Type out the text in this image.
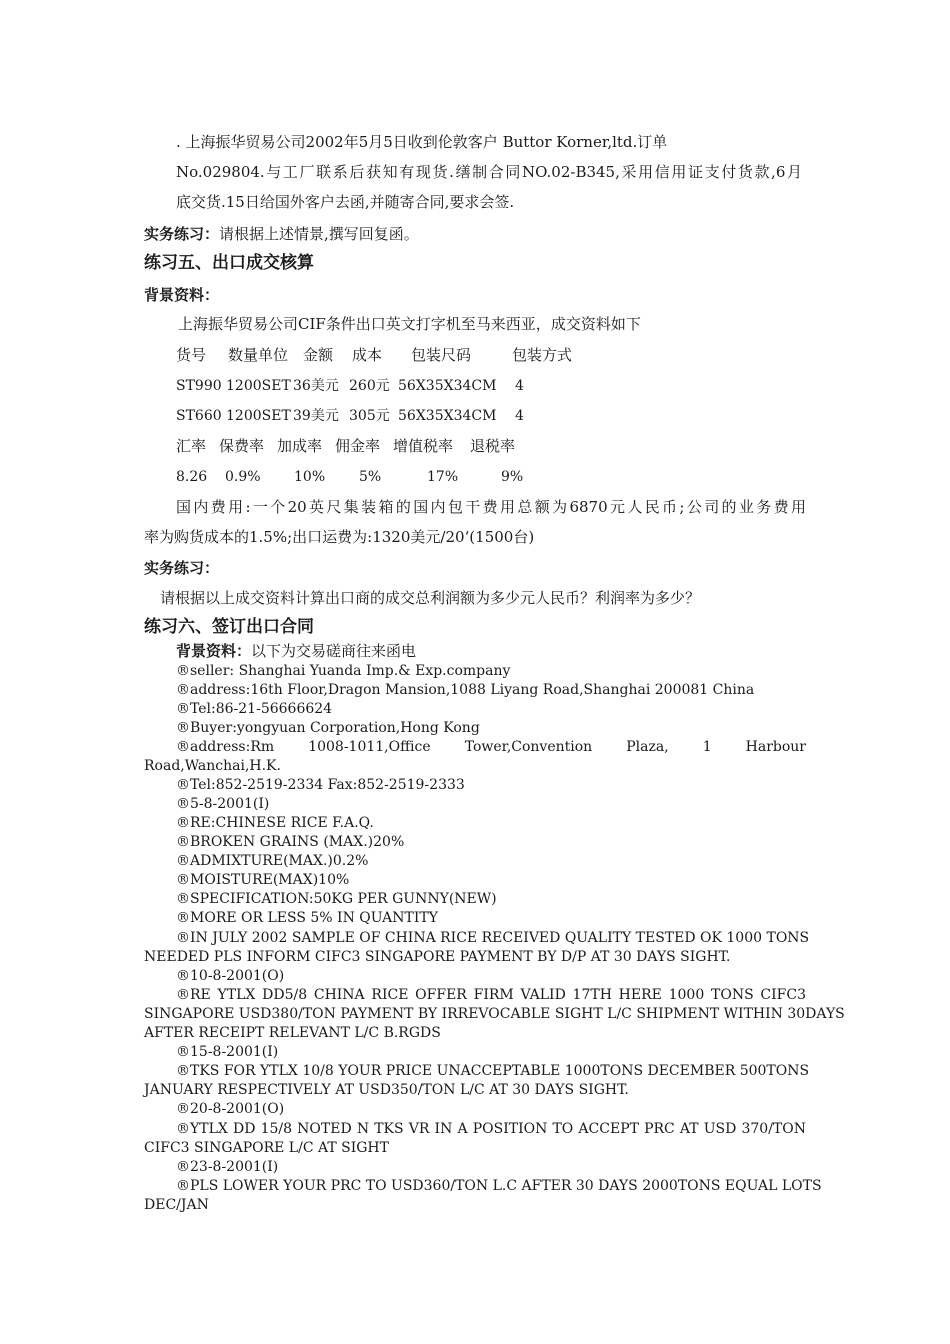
. 上海振华贸易公司2002年5月5日收到伦敦客户 Buttor Korner,ltd.订单
No.029804.与工厂联系后获知有现货.缮制合同NO.02-B345,采用信用证支付货款,6月
底交货.15日给国外客户去函,并随寄合同,要求会签.
实务练习：请根据上述情景,撰写回复函。
练习五、出口成交核算
背景资料：
上海振华贸易公司CIF条件出口英文打字机至马来西亚，成交资料如下
货号 数量单位 金额 成本 包装尺码	包装方式
ST990 1200SET 36美元 260元 56X35X34CM 4
ST660 1200SET 39美元 305元 56X35X34CM 4
汇率 保费率 加成率 佣金率 增值税率 退税率
8.26 0.9% 10% 5%	17%	9%
国内费用:一个20英尺集装箱的国内包干费用总额为6870元人民币;公司的业务费用
率为购货成本的1.5%;出口运费为:1320美元/20‘(1500台)
实务练习：
请根据以上成交资料计算出口商的成交总利润额为多少元人民币？利润率为多少？
练习六、签订出口合同
背景资料：以下为交易磋商往来函电
®seller: Shanghai Yuanda Imp.& Exp.company
®address:16th Floor,Dragon Mansion,1088 Liyang Road,Shanghai 200081 China
®Tel:86-21-56666624
®Buyer:yongyuan Corporation,Hong Kong
®address:Rm 1008-1011,Office Tower,Convention Plaza, 1 Harbour
Road,Wanchai,H.K.
®Tel:852-2519-2334 Fax:852-2519-2333
®5-8-2001(I)
®RE:CHINESE RICE F.A.Q.
®BROKEN GRAINS (MAX.)20%
®ADMIXTURE(MAX.)0.2%
®MOISTURE(MAX)10%
®SPECIFICATION:50KG PER GUNNY(NEW)
®MORE OR LESS 5% IN QUANTITY
®IN JULY 2002 SAMPLE OF CHINA RICE RECEIVED QUALITY TESTED OK 1000 TONS
NEEDED PLS INFORM CIFC3 SINGAPORE PAYMENT BY D/P AT 30 DAYS SIGHT.
®10-8-2001(O)
®RE YTLX DD5/8 CHINA RICE OFFER FIRM VALID 17TH HERE 1000 TONS CIFC3
SINGAPORE USD380/TON PAYMENT BY IRREVOCABLE SIGHT L/C SHIPMENT WITHIN 30DAYS
AFTER RECEIPT RELEVANT L/C B.RGDS
®15-8-2001(I)
®TKS FOR YTLX 10/8 YOUR PRICE UNACCEPTABLE 1000TONS DECEMBER 500TONS
JANUARY RESPECTIVELY AT USD350/TON L/C AT 30 DAYS SIGHT.
®20-8-2001(O)
®YTLX DD 15/8 NOTED N TKS VR IN A POSITION TO ACCEPT PRC AT USD 370/TON
CIFC3 SINGAPORE L/C AT SIGHT
®23-8-2001(I)
®PLS LOWER YOUR PRC TO USD360/TON L.C AFTER 30 DAYS 2000TONS EQUAL LOTS
DEC/JAN
